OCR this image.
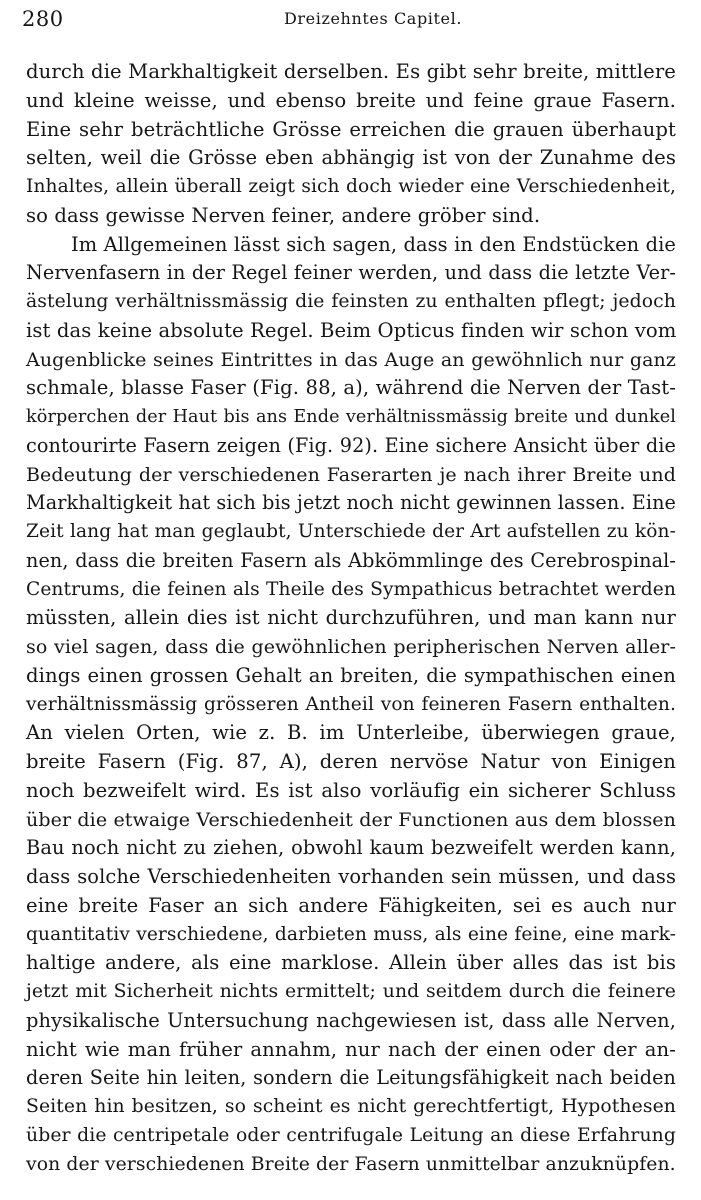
280	Dreizehntes Capitel.
durch die Markhaltigkeit derselben. Es gibt sehr breite, mittlere
und kleine weisse, und ebenso breite und feine graue Fasern.
Eine sehr beträchtliche Grösse erreichen die grauen überhaupt
selten, weil die Grösse eben abhängig ist von der Zunahme des
Inhaltes, allein überall zeigt sich doch wieder eine Verschiedenheit,
so dass gewisse Nerven feiner, andere gröber sind.
Im Allgemeinen lässt sich sagen, dass in den Endstücken die
Nervenfasern in der Regel feiner werden, und dass die letzte Ver-
ästelung verhältnissmässig die feinsten zu enthalten pflegt; jedoch
ist das keine absolute Regel. Beim Opticus finden wir schon vom
Augenblicke seines Eintrittes in das Auge an gewöhnlich nur ganz
schmale, blasse Faser (Fig. 88, a), während die Nerven der Tast-
körperchen der Haut bis ans Ende verhältnissmässig breite und dunkel
contourirte Fasern zeigen (Fig. 92). Eine sichere Ansicht über die
Bedeutung der verschiedenen Faserarten je nach ihrer Breite und
Markhaltigkeit hat sich bis jetzt noch nicht gewinnen lassen. Eine
Zeit lang hat man geglaubt, Unterschiede der Art aufstellen zu kön-
nen, dass die breiten Fasern als Abkömmlinge des Cerebrospinal-
Centrums, die feinen als Theile des Sympathicus betrachtet werden
müssten, allein dies ist nicht durchzuführen, und man kann nur
so viel sagen, dass die gewöhnlichen peripherischen Nerven aller-
dings einen grossen Gehalt an breiten, die sympathischen einen
verhältnissmässig grösseren Antheil von feineren Fasern enthalten.
An vielen Orten, wie z. B. im Unterleibe, überwiegen graue,
breite Fasern (Fig. 87, A), deren nervöse Natur von Einigen
noch bezweifelt wird. Es ist also vorläufig ein sicherer Schluss
über die etwaige Verschiedenheit der Functionen aus dem blossen
Bau noch nicht zu ziehen, obwohl kaum bezweifelt werden kann,
dass solche Verschiedenheiten vorhanden sein müssen, und dass
eine breite Faser an sich andere Fähigkeiten, sei es auch nur
quantitativ verschiedene, darbieten muss, als eine feine, eine mark-
haltige andere, als eine marklose. Allein über alles das ist bis
jetzt mit Sicherheit nichts ermittelt; und seitdem durch die feinere
physikalische Untersuchung nachgewiesen ist, dass alle Nerven,
nicht wie man früher annahm, nur nach der einen oder der an-
deren Seite hin leiten, sondern die Leitungsfähigkeit nach beiden
Seiten hin besitzen, so scheint es nicht gerechtfertigt, Hypothesen
über die centripetale oder centrifugale Leitung an diese Erfahrung
von der verschiedenen Breite der Fasern unmittelbar anzuknüpfen.
